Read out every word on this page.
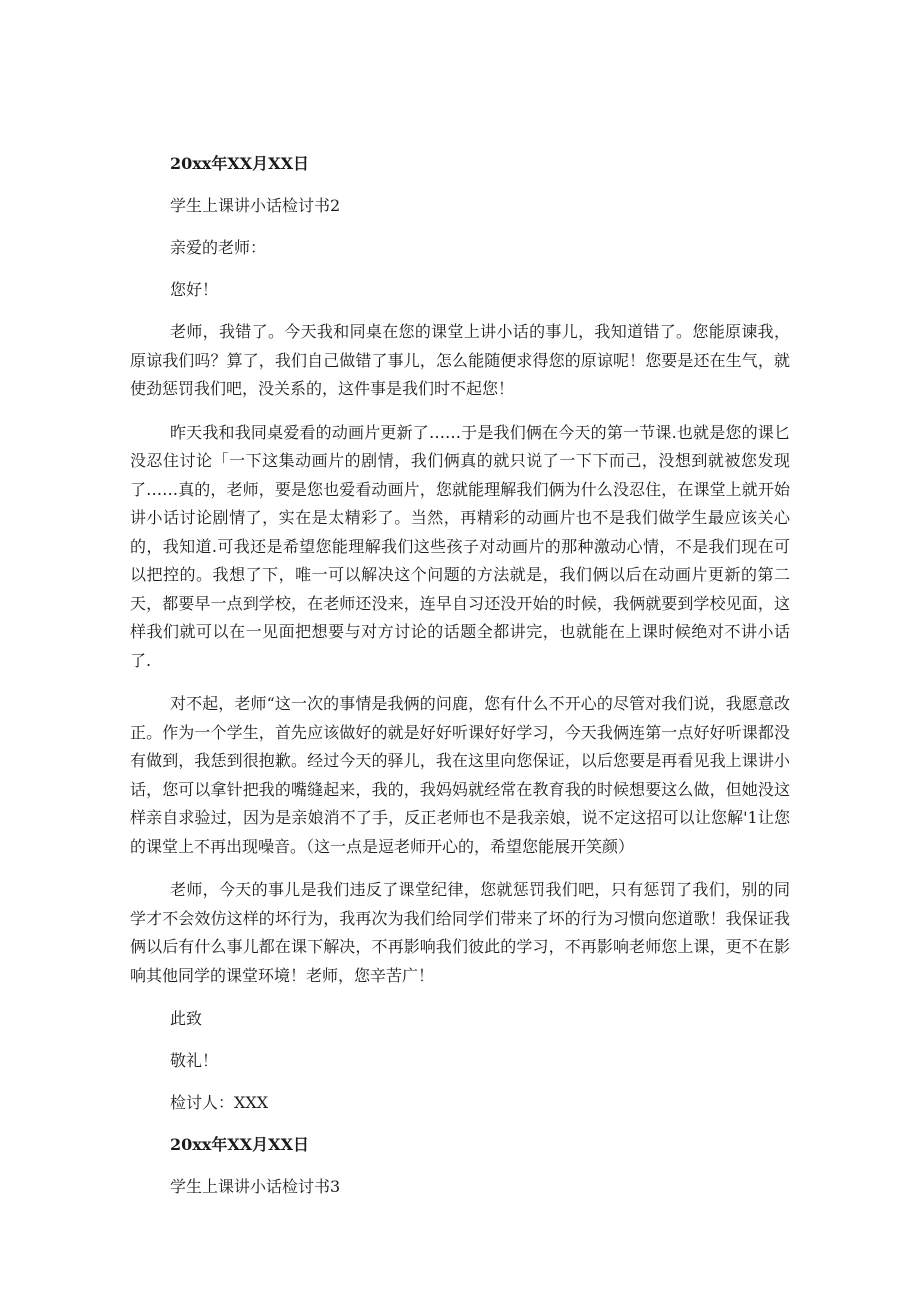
20xx年XX月XX日

学生上课讲小话检讨书2

亲爱的老师：

您好！

老师，我错了。今天我和同桌在您的课堂上讲小话的事儿，我知道错了。您能原谏我，原谅我们吗？算了，我们自己做错了事儿，怎么能随便求得您的原谅呢！您要是还在生气，就使劲惩罚我们吧，没关系的，这件事是我们时不起您！

昨天我和我同桌爱看的动画片更新了……于是我们俩在今天的第一节课.也就是您的课匕没忍住讨论「一下这集动画片的剧情，我们俩真的就只说了一下下而己，没想到就被您发现了……真的，老师，要是您也爱看动画片，您就能理解我们俩为什么没忍住，在课堂上就开始讲小话讨论剧情了，实在是太精彩了。当然，再精彩的动画片也不是我们做学生最应该关心的，我知道.可我还是希望您能理解我们这些孩子对动画片的那种激动心情，不是我们现在可以把控的。我想了下，唯一可以解决这个问题的方法就是，我们俩以后在动画片更新的第二天，都要早一点到学校，在老师还没来，连早自习还没开始的时候，我俩就要到学校见面，这样我们就可以在一见面把想要与对方讨论的话题全都讲完，也就能在上课时候绝对不讲小话了.

对不起，老师“这一次的事情是我俩的问鹿，您有什么不开心的尽管对我们说，我愿意改正。作为一个学生，首先应该做好的就是好好听课好好学习，今天我俩连第一点好好听课都没有做到，我恁到很抱歉。经过今天的驿儿，我在这里向您保证，以后您要是再看见我上课讲小话，您可以拿针把我的嘴缝起来，我的，我妈妈就经常在教育我的时候想要这么做，但她没这样亲自求验过，因为是亲娘消不了手，反正老师也不是我亲娘，说不定这招可以让您解'1让您的课堂上不再出现噪音。（这一点是逗老师开心的，希望您能展开笑颜）

老师，今天的事儿是我们违反了课堂纪律，您就惩罚我们吧，只有惩罚了我们，别的同学才不会效仿这样的坏行为，我再次为我们给同学们带来了坏的行为习惯向您道歌！我保证我俩以后有什么事儿都在课下解决，不再影响我们彼此的学习，不再影响老师您上课，更不在影响其他同学的课堂环境！老师，您辛苦广！

此致

敬礼！

检讨人：XXX

20xx年XX月XX日

学生上课讲小话检讨书3
